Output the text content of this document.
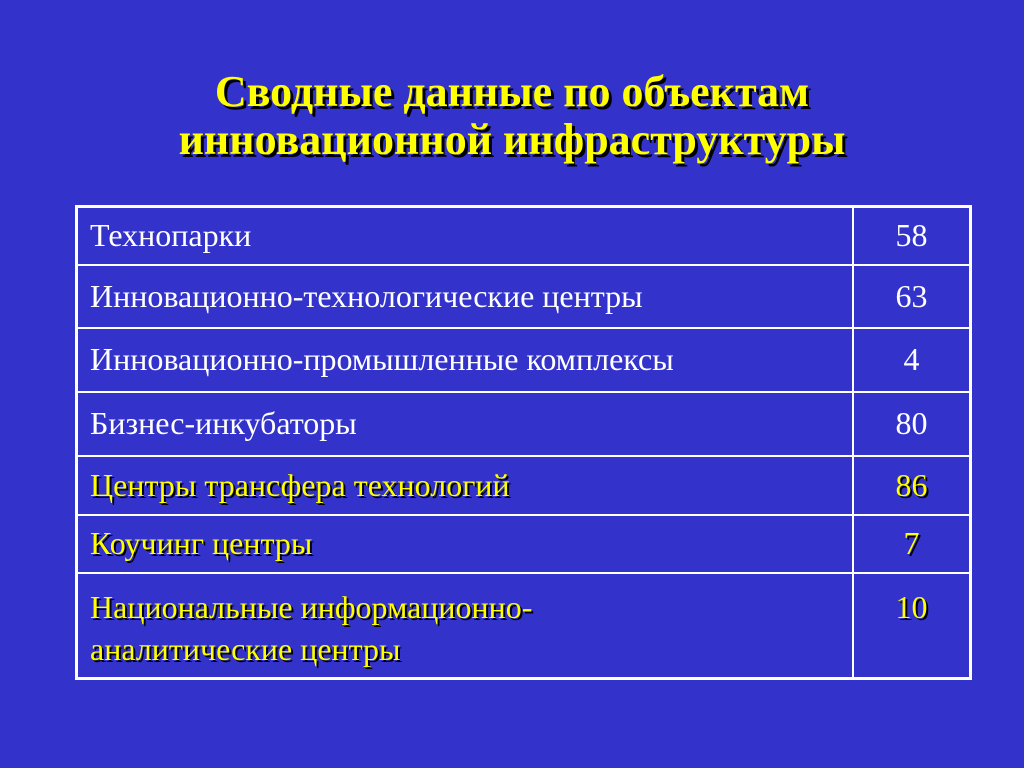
Сводные данные по объектам
инновационной инфраструктуры
Технопарки	58
Инновационно-технологические центры	63
Инновационно-промышленные комплексы	4
Бизнес-инкубаторы	80
Центры трансфера технологий	86
Коучинг центры	7

Национальные информационно-
аналитические центры	10
